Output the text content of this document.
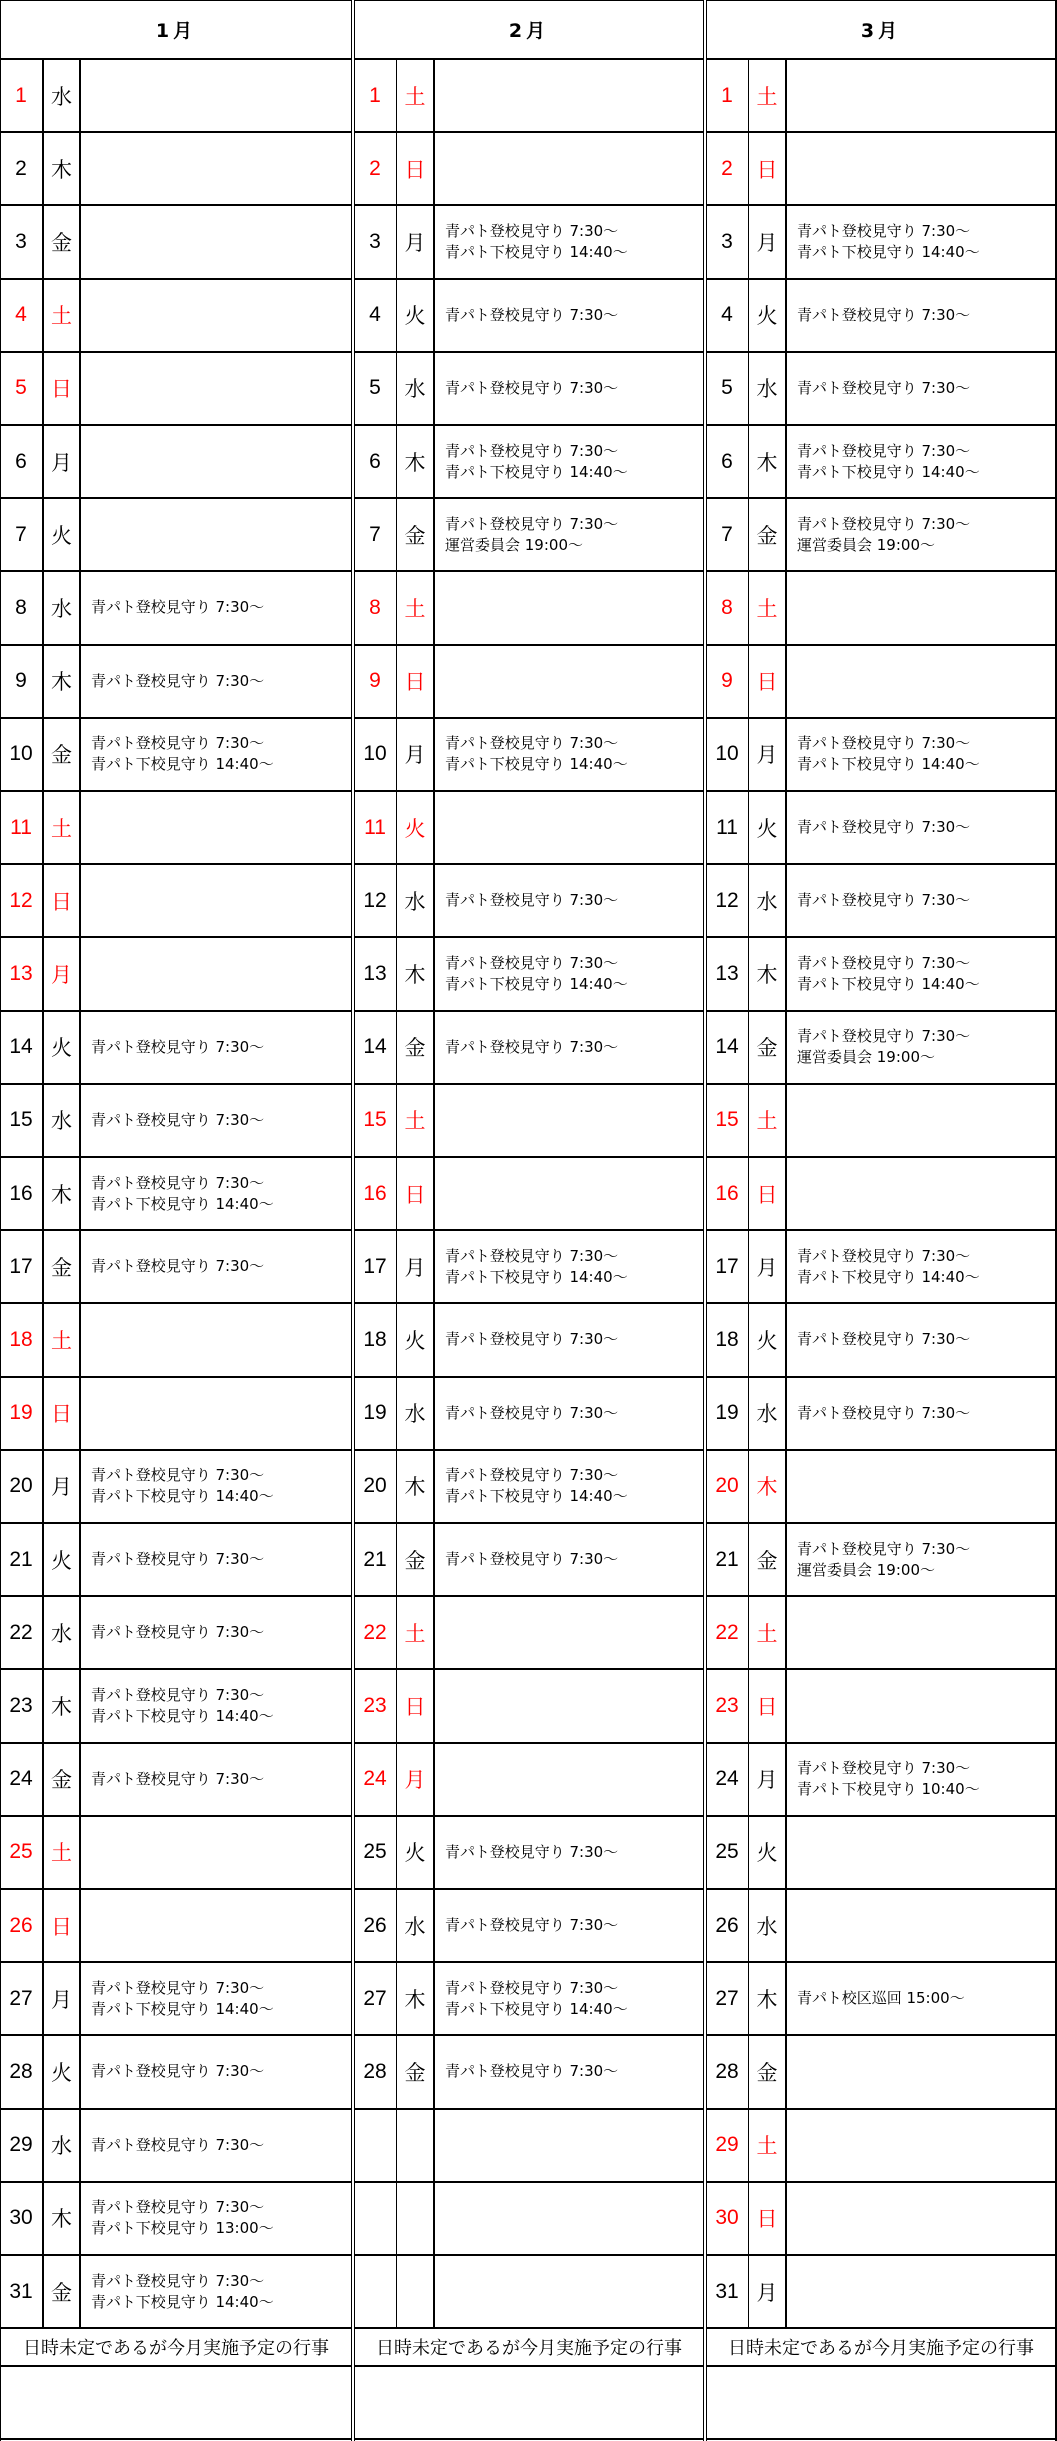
1月
1	水
2	木
3	金
4	土
5	日
6	月
7	火
8	水	青パト登校見守り 7:30～
9	木	青パト登校見守り 7:30～
10 金	青パト登校見守り 7:30～
青パト下校見守り 14:40～
11 土
12 日
13 月
14 火	青パト登校見守り 7:30～
15 水	青パト登校見守り 7:30～
16 木	青パト登校見守り 7:30～
青パト下校見守り 14:40～
17 金	青パト登校見守り 7:30～
18 土
19 日
20 月	青パト登校見守り 7:30～
青パト下校見守り 14:40～
21 火	青パト登校見守り 7:30～
22 水	青パト登校見守り 7:30～
23 木	青パト登校見守り 7:30～
青パト下校見守り 14:40～
24 金	青パト登校見守り 7:30～
25 土
26 日
27 月	青パト登校見守り 7:30～
青パト下校見守り 14:40～
28 火	青パト登校見守り 7:30～
29 水	青パト登校見守り 7:30～
30 木	青パト登校見守り 7:30～
青パト下校見守り 13:00～
31 金	青パト登校見守り 7:30～
青パト下校見守り 14:40～
日時未定であるが今月実施予定の行事
2月
1	土
2	日
3	月	青パト登校見守り 7:30～
青パト下校見守り 14:40～
4	火	青パト登校見守り 7:30～
5	水	青パト登校見守り 7:30～
6	木	青パト登校見守り 7:30～
青パト下校見守り 14:40～
7	金	青パト登校見守り 7:30～
運営委員会 19:00～
8	土
9	日
10 月	青パト登校見守り 7:30～
青パト下校見守り 14:40～
11 火
12 水	青パト登校見守り 7:30～
13 木	青パト登校見守り 7:30～
青パト下校見守り 14:40～
14 金	青パト登校見守り 7:30～
15 土
16 日
17 月	青パト登校見守り 7:30～
青パト下校見守り 14:40～
18 火	青パト登校見守り 7:30～
19 水	青パト登校見守り 7:30～
20 木	青パト登校見守り 7:30～
青パト下校見守り 14:40～
21 金	青パト登校見守り 7:30～
22 土
23 日
24 月
25 火	青パト登校見守り 7:30～
26 水	青パト登校見守り 7:30～
27 木	青パト登校見守り 7:30～
青パト下校見守り 14:40～
28 金	青パト登校見守り 7:30～
日時未定であるが今月実施予定の行事
3月
1	土
2	日
3	月	青パト登校見守り 7:30～
青パト下校見守り 14:40～
4	火	青パト登校見守り 7:30～
5	水	青パト登校見守り 7:30～
6	木	青パト登校見守り 7:30～
青パト下校見守り 14:40～
7	金	青パト登校見守り 7:30～
運営委員会 19:00～
8	土
9	日
10 月	青パト登校見守り 7:30～
青パト下校見守り 14:40～
11 火	青パト登校見守り 7:30～
12 水	青パト登校見守り 7:30～
13 木	青パト登校見守り 7:30～
青パト下校見守り 14:40～
14 金	青パト登校見守り 7:30～
運営委員会 19:00～
15 土
16 日
17 月	青パト登校見守り 7:30～
青パト下校見守り 14:40～
18 火	青パト登校見守り 7:30～
19 水	青パト登校見守り 7:30～
20 木
21 金	青パト登校見守り 7:30～
運営委員会 19:00～
22 土
23 日
24 月	青パト登校見守り 7:30～
青パト下校見守り 10:40～
25 火
26 水
27 木	青パト校区巡回 15:00～
28 金
29 土
30 日
31 月
日時未定であるが今月実施予定の行事
